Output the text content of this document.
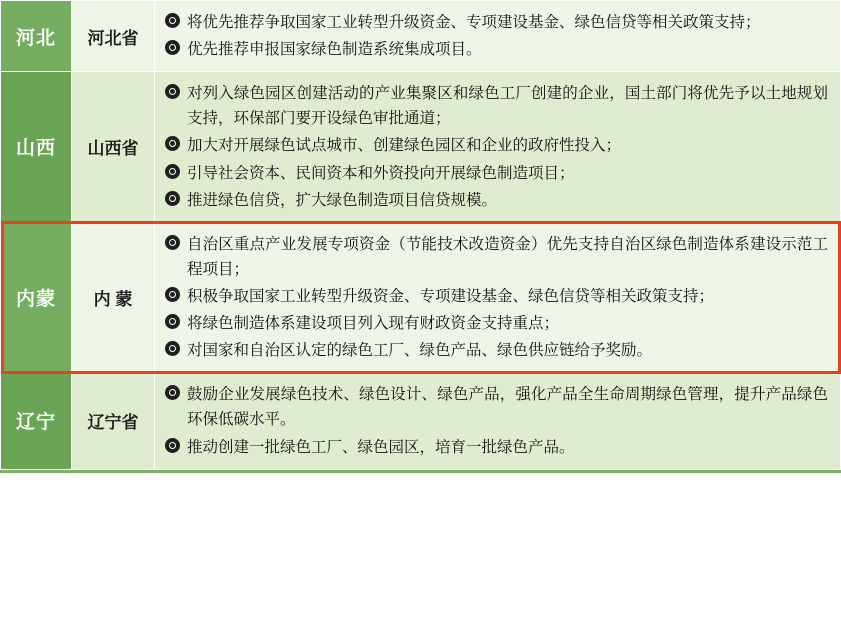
河北	河北省	
将优先推荐争取国家工业转型升级资金、专项建设基金、绿色信贷等相关政策支持；
优先推荐申报国家绿色制造系统集成项目。

山西	山西省	
对列入绿色园区创建活动的产业集聚区和绿色工厂创建的企业，国土部门将优先予以土地规划支持，环保部门要开设绿色审批通道；
加大对开展绿色试点城市、创建绿色园区和企业的政府性投入；
引导社会资本、民间资本和外资投向开展绿色制造项目；
推进绿色信贷，扩大绿色制造项目信贷规模。

内蒙	内 蒙	
自治区重点产业发展专项资金（节能技术改造资金）优先支持自治区绿色制造体系建设示范工程项目；
积极争取国家工业转型升级资金、专项建设基金、绿色信贷等相关政策支持；
将绿色制造体系建设项目列入现有财政资金支持重点；
对国家和自治区认定的绿色工厂、绿色产品、绿色供应链给予奖励。

辽宁	辽宁省	
鼓励企业发展绿色技术、绿色设计、绿色产品，强化产品全生命周期绿色管理，提升产品绿色环保低碳水平。
推动创建一批绿色工厂、绿色园区，培育一批绿色产品。
